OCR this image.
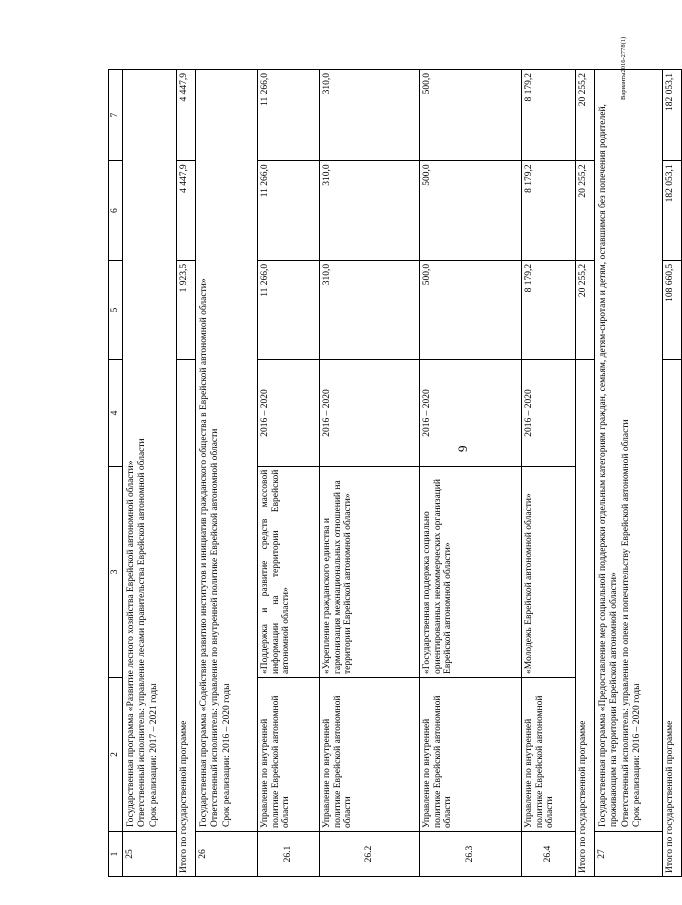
9
Варианты2016-2778(1)
1	2	3	4	5	6	7
25	Государственная программа «Развитие лесного хозяйства Еврейской автономной области» Ответственный исполнитель: управление лесами правительства Еврейской автономной области Срок реализации: 2017 – 2021 годы					

Итого по государственной программе				1 923,5	4 447,9	4 447,9
26	Государственная программа «Содействие развитию институтов и инициатив гражданского общества в Еврейской автономной области» Ответственный исполнитель: управление по внутренней политике Еврейской автономной области Срок реализации: 2016 – 2020 годы					

26.1	Управление по внутренней политике Еврейской автономной области	«Поддержка и развитие средств массовой информации на территории Еврейской автономной области»	2016 – 2020	11 266,0	11 266,0	11 266,0
26.2	Управление по внутренней политике Еврейской автономной области	«Укрепление гражданского единства и гармонизация межнациональных отношений на территории Еврейской автономной области»	2016 – 2020	310,0	310,0	310,0
26.3	Управление по внутренней политике Еврейской автономной области	«Государственная поддержка социально ориентированных некоммерческих организаций Еврейской автономной области»	2016 – 2020	500,0	500,0	500,0
26.4	Управление по внутренней политике Еврейской автономной области	«Молодежь Еврейской автономной области»	2016 – 2020	8 179,2	8 179,2	8 179,2
Итого по государственной программе				20 255,2	20 255,2	20 255,2
27	Государственная программа «Предоставление мер социальной поддержки отдельным категориям граждан, семьям, детям-сиротам и детям, оставшимся без попечения родителей, проживающим на территории Еврейской автономной области» Ответственный исполнитель: управление по опеке и попечительству Еврейской автономной области Срок реализации: 2016 – 2020 годы					

Итого по государственной программе				108 660,5	182 053,1	182 053,1
